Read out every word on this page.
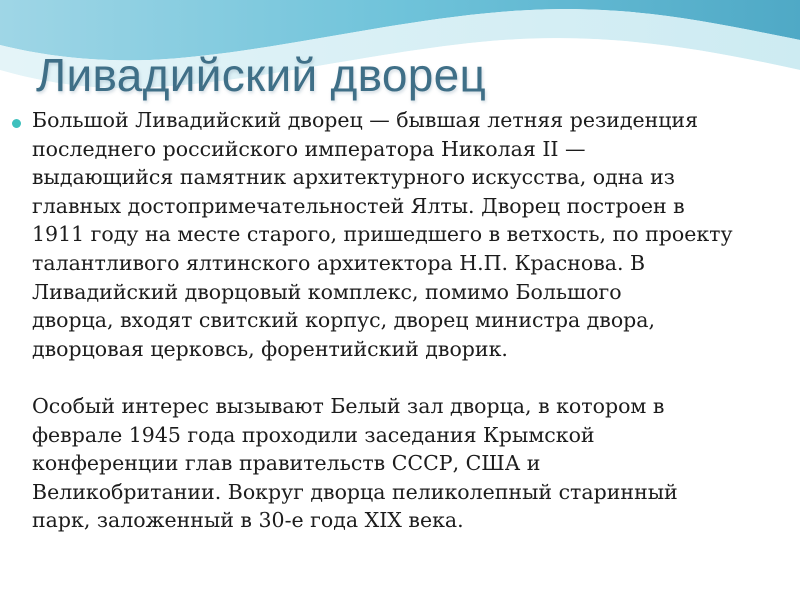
Ливадийский дворец

Большой Ливадийский дворец — бывшая летняя резиденция
последнего российского императора Николая II —
выдающийся памятник архитектурного искусства, одна из
главных достопримечательностей Ялты. Дворец построен в
1911 году на месте старого, пришедшего в ветхость, по проекту
талантливого ялтинского архитектора Н.П. Краснова. В
Ливадийский дворцовый комплекс, помимо Большого
дворца, входят свитский корпус, дворец министра двора,
дворцовая церковсь, форентийский дворик.

Особый интерес вызывают Белый зал дворца, в котором в
феврале 1945 года проходили заседания Крымской
конференции глав правительств СССР, США и
Великобритании. Вокруг дворца пеликолепный старинный
парк, заложенный в 30-е года XIX века.
